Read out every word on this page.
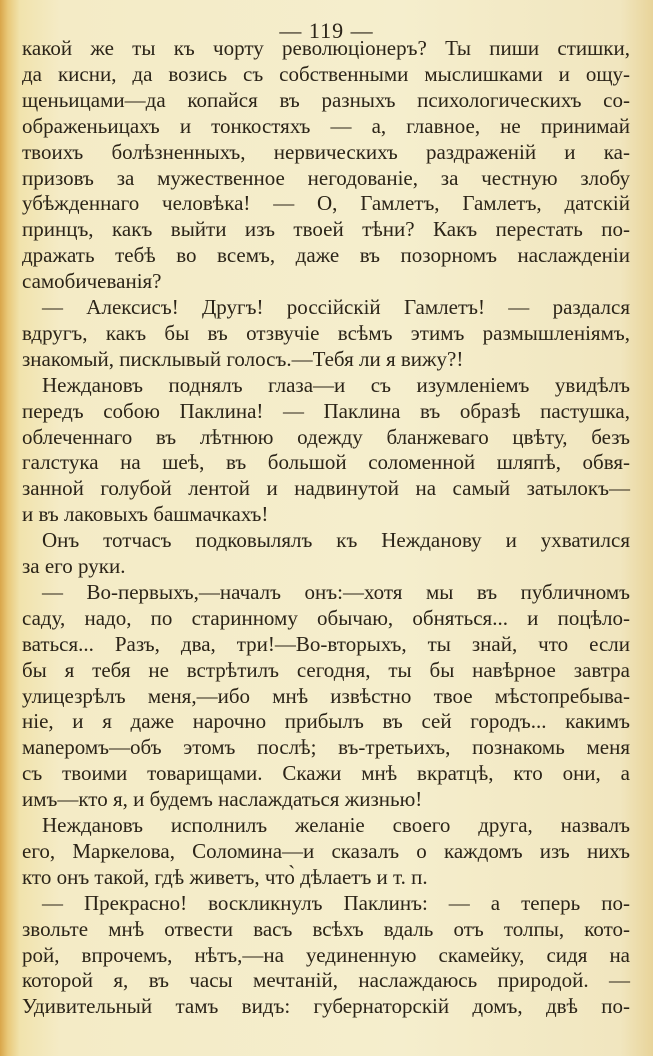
— 119 —
какой же ты къ чорту революціонеръ? Ты пиши стишки,
да кисни, да возись съ собственными мыслишками и ощу-
щеньицами—да копайся въ разныхъ психологическихъ со-
ображеньицахъ и тонкостяхъ — а, главное, не принимай
твоихъ болѣзненныхъ, нервическихъ раздраженій и ка-
призовъ за мужественное негодованіе, за честную злобу
убѣжденнаго человѣка! — О, Гамлетъ, Гамлетъ, датскій
принцъ, какъ выйти изъ твоей тѣни? Какъ перестать по-
дражать тебѣ во всемъ, даже въ позорномъ наслажденіи
самобичеванія?
— Алексисъ! Другъ! россійскій Гамлетъ! — раздался
вдругъ, какъ бы въ отзвучіе всѣмъ этимъ размышленіямъ,
знакомый, писклывый голосъ.—Тебя ли я вижу?!
Неждановъ поднялъ глаза—и съ изумленіемъ увидѣлъ
передъ собою Паклина! — Паклина въ образѣ пастушка,
облеченнаго въ лѣтнюю одежду бланжеваго цвѣту, безъ
галстука на шеѣ, въ большой соломенной шляпѣ, обвя-
занной голубой лентой и надвинутой на самый затылокъ—
и въ лаковыхъ башмачкахъ!
Онъ тотчасъ подковылялъ къ Нежданову и ухватился
за его руки.
— Во-первыхъ,—началъ онъ:—хотя мы въ публичномъ
саду, надо, по старинному обычаю, обняться... и поцѣло-
ваться... Разъ, два, три!—Во-вторыхъ, ты знай, что если
бы я тебя не встрѣтилъ сегодня, ты бы навѣрное завтра
улицезрѣлъ меня,—ибо мнѣ извѣстно твое мѣстопребыва-
ніе, и я даже нарочно прибылъ въ сей городъ... какимъ
маneромъ—объ этомъ послѣ; въ-третьихъ, познакомь меня
съ твоими товарищами. Скажи мнѣ вкратцѣ, кто они, а
имъ—кто я, и будемъ наслаждаться жизнью!
Неждановъ исполнилъ желаніе своего друга, назвалъ
его, Маркелова, Соломина—и сказалъ о каждомъ изъ нихъ
кто онъ такой, гдѣ живетъ, что̀ дѣлаетъ и т. п.
— Прекрасно! воскликнулъ Паклинъ: — а теперь по-
звольте мнѣ отвести васъ всѣхъ вдаль отъ толпы, кото-
рой, впрочемъ, нѣтъ,—на уединенную скамейку, сидя на
которой я, въ часы мечтаній, наслаждаюсь природой. —
Удивительный тамъ видъ: губернаторскій домъ, двѣ по-
